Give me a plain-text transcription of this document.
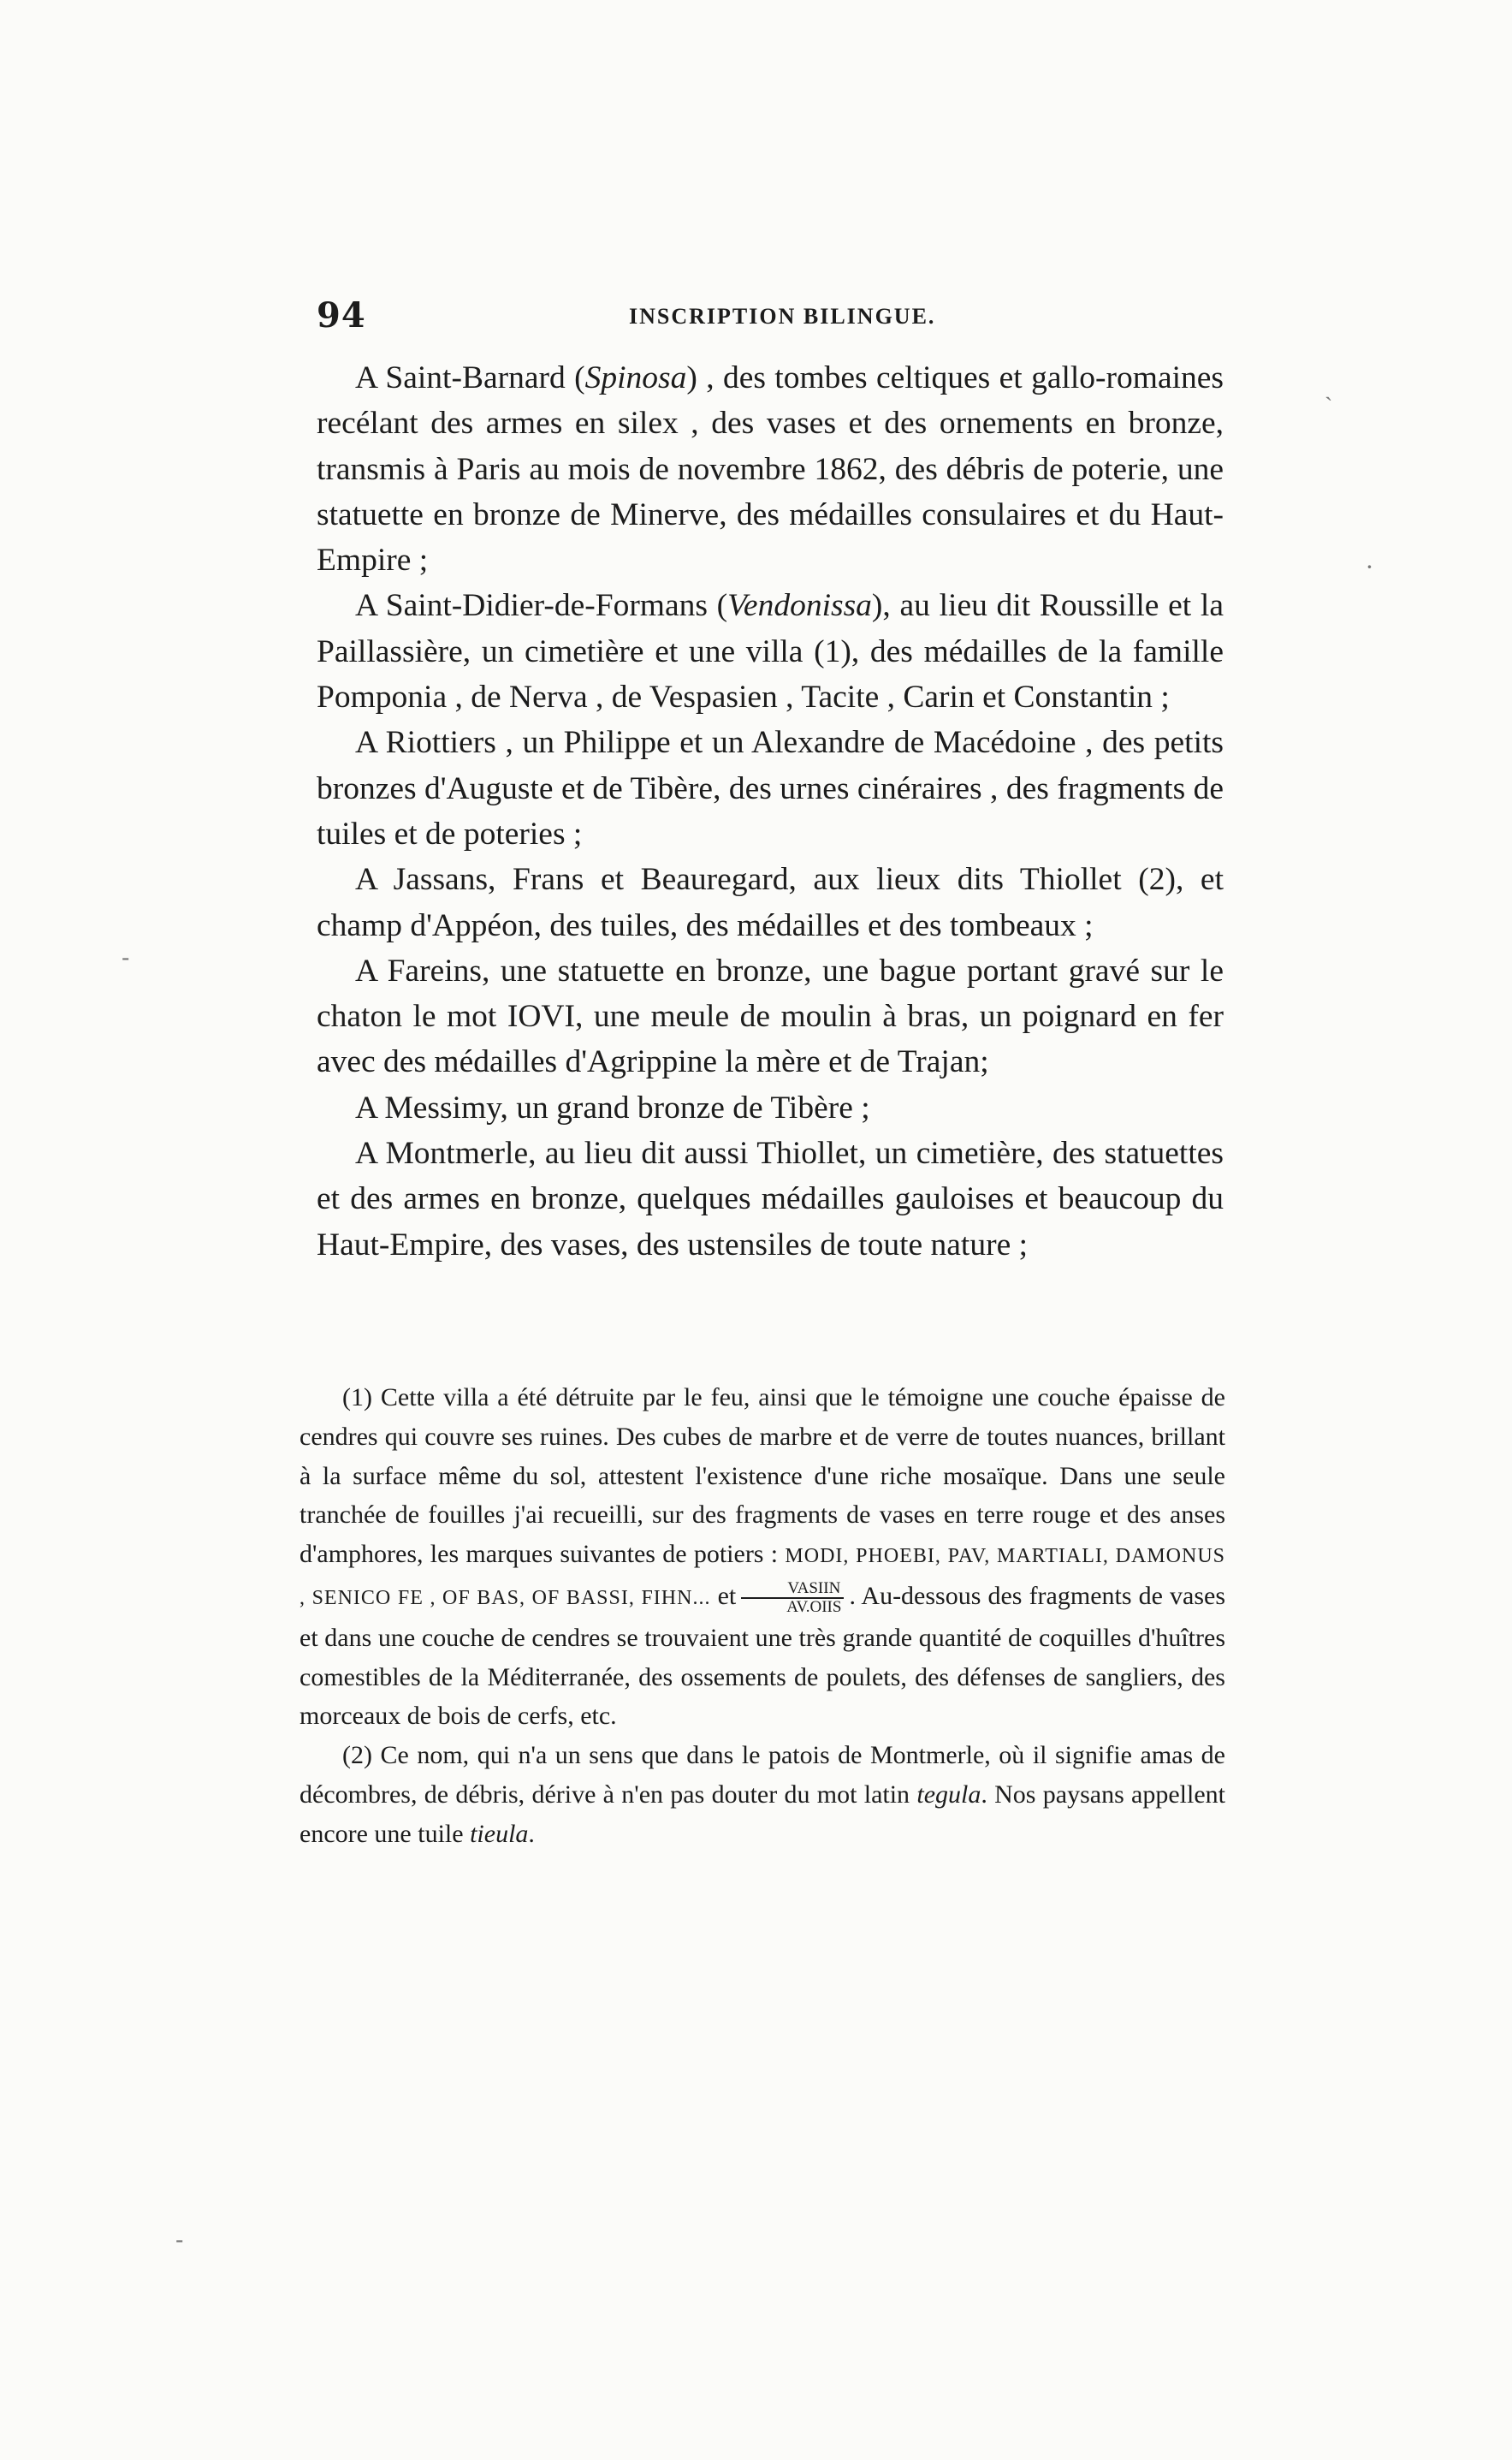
94	INSCRIPTION BILINGUE.

A Saint-Barnard (Spinosa) , des tombes celtiques et gallo-romaines recélant des armes en silex , des vases et des ornements en bronze, transmis à Paris au mois de novembre 1862, des débris de poterie, une statuette en bronze de Minerve, des médailles consulaires et du Haut-Empire ;

A Saint-Didier-de-Formans (Vendonissa), au lieu dit Roussille et la Paillassière, un cimetière et une villa (1), des médailles de la famille Pomponia , de Nerva , de Vespasien , Tacite , Carin et Constantin ;

A Riottiers , un Philippe et un Alexandre de Macédoine , des petits bronzes d'Auguste et de Tibère, des urnes cinéraires , des fragments de tuiles et de poteries ;

A Jassans, Frans et Beauregard, aux lieux dits Thiollet (2), et champ d'Appéon, des tuiles, des médailles et des tombeaux ;

A Fareins, une statuette en bronze, une bague portant gravé sur le chaton le mot IOVI, une meule de moulin à bras, un poignard en fer avec des médailles d'Agrippine la mère et de Trajan;

A Messimy, un grand bronze de Tibère ;

A Montmerle, au lieu dit aussi Thiollet, un cimetière, des statuettes et des armes en bronze, quelques médailles gauloises et beaucoup du Haut-Empire, des vases, des ustensiles de toute nature ;

(1) Cette villa a été détruite par le feu, ainsi que le témoigne une couche épaisse de cendres qui couvre ses ruines. Des cubes de marbre et de verre de toutes nuances, brillant à la surface même du sol, attestent l'existence d'une riche mosaïque. Dans une seule tranchée de fouilles j'ai recueilli, sur des fragments de vases en terre rouge et des anses d'amphores, les marques suivantes de potiers : MODI, PHOEBI, PAV, MARTIALI, DAMONUS , SENICO FE , OF BAS, OF BASSI, FIHN... et $\frac{\text{VASIIN}}{\text{AV.OIIS}}$ . Au-dessous des fragments de vases et dans une couche de cendres se trouvaient une très grande quantité de coquilles d'huîtres comestibles de la Méditerranée, des ossements de poulets, des défenses de sangliers, des morceaux de bois de cerfs, etc.

(2) Ce nom, qui n'a un sens que dans le patois de Montmerle, où il signifie amas de décombres, de débris, dérive à n'en pas douter du mot latin tegula. Nos paysans appellent encore une tuile tieula.

ˏ
·
-
-
